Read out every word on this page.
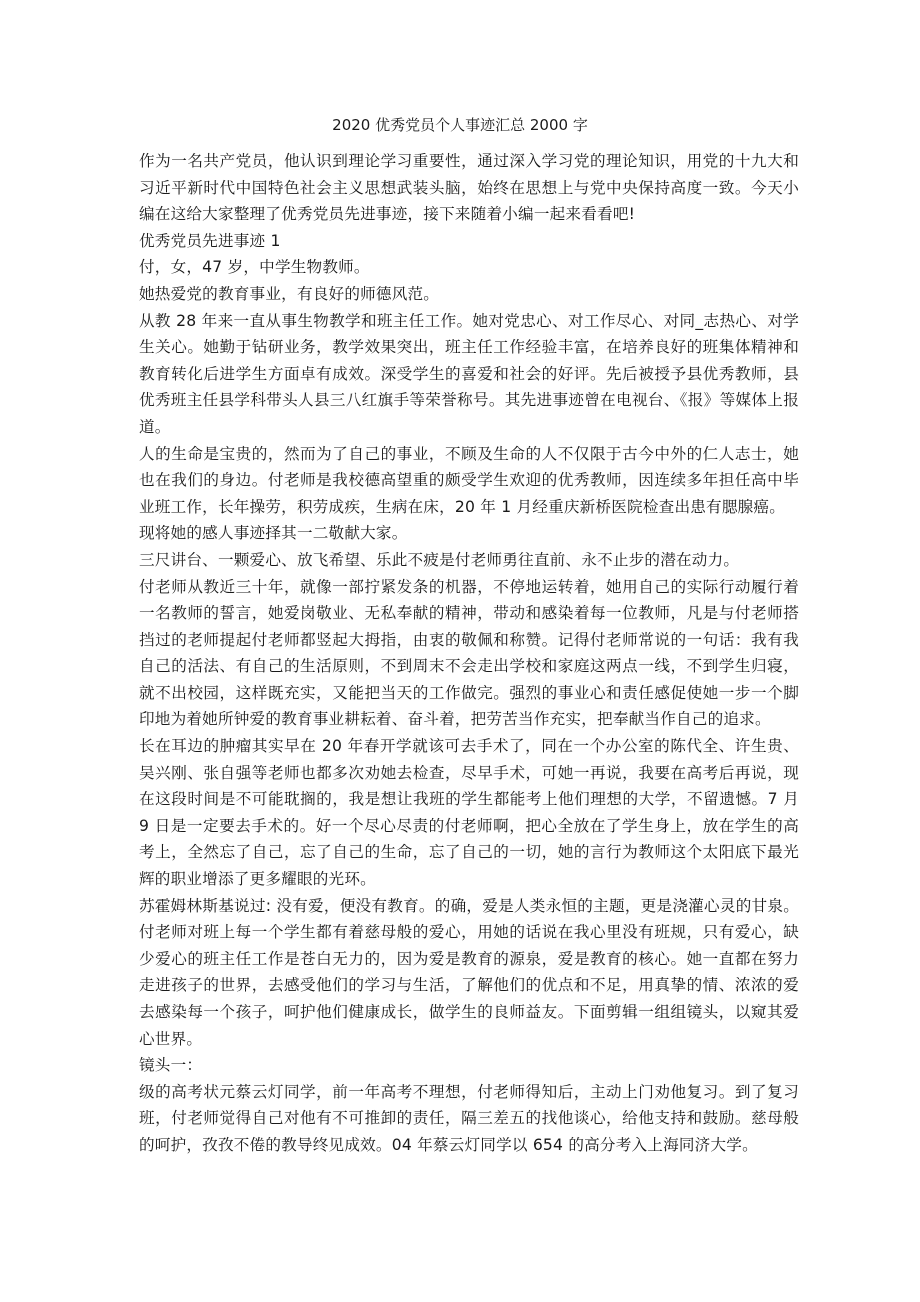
2020 优秀党员个人事迹汇总 2000 字

作为一名共产党员，他认识到理论学习重要性，通过深入学习党的理论知识，用党的十九大和习近平新时代中国特色社会主义思想武装头脑，始终在思想上与党中央保持高度一致。今天小编在这给大家整理了优秀党员先进事迹，接下来随着小编一起来看看吧!

优秀党员先进事迹 1

付，女，47 岁，中学生物教师。

她热爱党的教育事业，有良好的师德风范。

从教 28 年来一直从事生物教学和班主任工作。她对党忠心、对工作尽心、对同_志热心、对学生关心。她勤于钻研业务，教学效果突出，班主任工作经验丰富，在培养良好的班集体精神和教育转化后进学生方面卓有成效。深受学生的喜爱和社会的好评。先后被授予县优秀教师，县优秀班主任县学科带头人县三八红旗手等荣誉称号。其先进事迹曾在电视台、《报》等媒体上报道。

人的生命是宝贵的，然而为了自己的事业，不顾及生命的人不仅限于古今中外的仁人志士，她也在我们的身边。付老师是我校德高望重的颇受学生欢迎的优秀教师，因连续多年担任高中毕业班工作，长年操劳，积劳成疾，生病在床，20 年 1 月经重庆新桥医院检查出患有腮腺癌。

现将她的感人事迹择其一二敬献大家。

三尺讲台、一颗爱心、放飞希望、乐此不疲是付老师勇往直前、永不止步的潜在动力。

付老师从教近三十年，就像一部拧紧发条的机器，不停地运转着，她用自己的实际行动履行着一名教师的誓言，她爱岗敬业、无私奉献的精神，带动和感染着每一位教师，凡是与付老师搭挡过的老师提起付老师都竖起大拇指，由衷的敬佩和称赞。记得付老师常说的一句话：我有我自己的活法、有自己的生活原则，不到周末不会走出学校和家庭这两点一线，不到学生归寝，就不出校园，这样既充实，又能把当天的工作做完。强烈的事业心和责任感促使她一步一个脚印地为着她所钟爱的教育事业耕耘着、奋斗着，把劳苦当作充实，把奉献当作自己的追求。

长在耳边的肿瘤其实早在 20 年春开学就该可去手术了，同在一个办公室的陈代全、许生贵、吴兴刚、张自强等老师也都多次劝她去检查，尽早手术，可她一再说，我要在高考后再说，现在这段时间是不可能耽搁的，我是想让我班的学生都能考上他们理想的大学，不留遗憾。7 月 9 日是一定要去手术的。好一个尽心尽责的付老师啊，把心全放在了学生身上，放在学生的高考上，全然忘了自己，忘了自己的生命，忘了自己的一切，她的言行为教师这个太阳底下最光辉的职业增添了更多耀眼的光环。

苏霍姆林斯基说过: 没有爱，便没有教育。的确，爱是人类永恒的主题，更是浇灌心灵的甘泉。付老师对班上每一个学生都有着慈母般的爱心，用她的话说在我心里没有班规，只有爱心，缺少爱心的班主任工作是苍白无力的，因为爱是教育的源泉，爱是教育的核心。她一直都在努力走进孩子的世界，去感受他们的学习与生活，了解他们的优点和不足，用真挚的情、浓浓的爱去感染每一个孩子，呵护他们健康成长，做学生的良师益友。下面剪辑一组组镜头，以窥其爱心世界。

镜头一：

级的高考状元蔡云灯同学，前一年高考不理想，付老师得知后，主动上门劝他复习。到了复习班，付老师觉得自己对他有不可推卸的责任，隔三差五的找他谈心，给他支持和鼓励。慈母般的呵护，孜孜不倦的教导终见成效。04 年蔡云灯同学以 654 的高分考入上海同济大学。
